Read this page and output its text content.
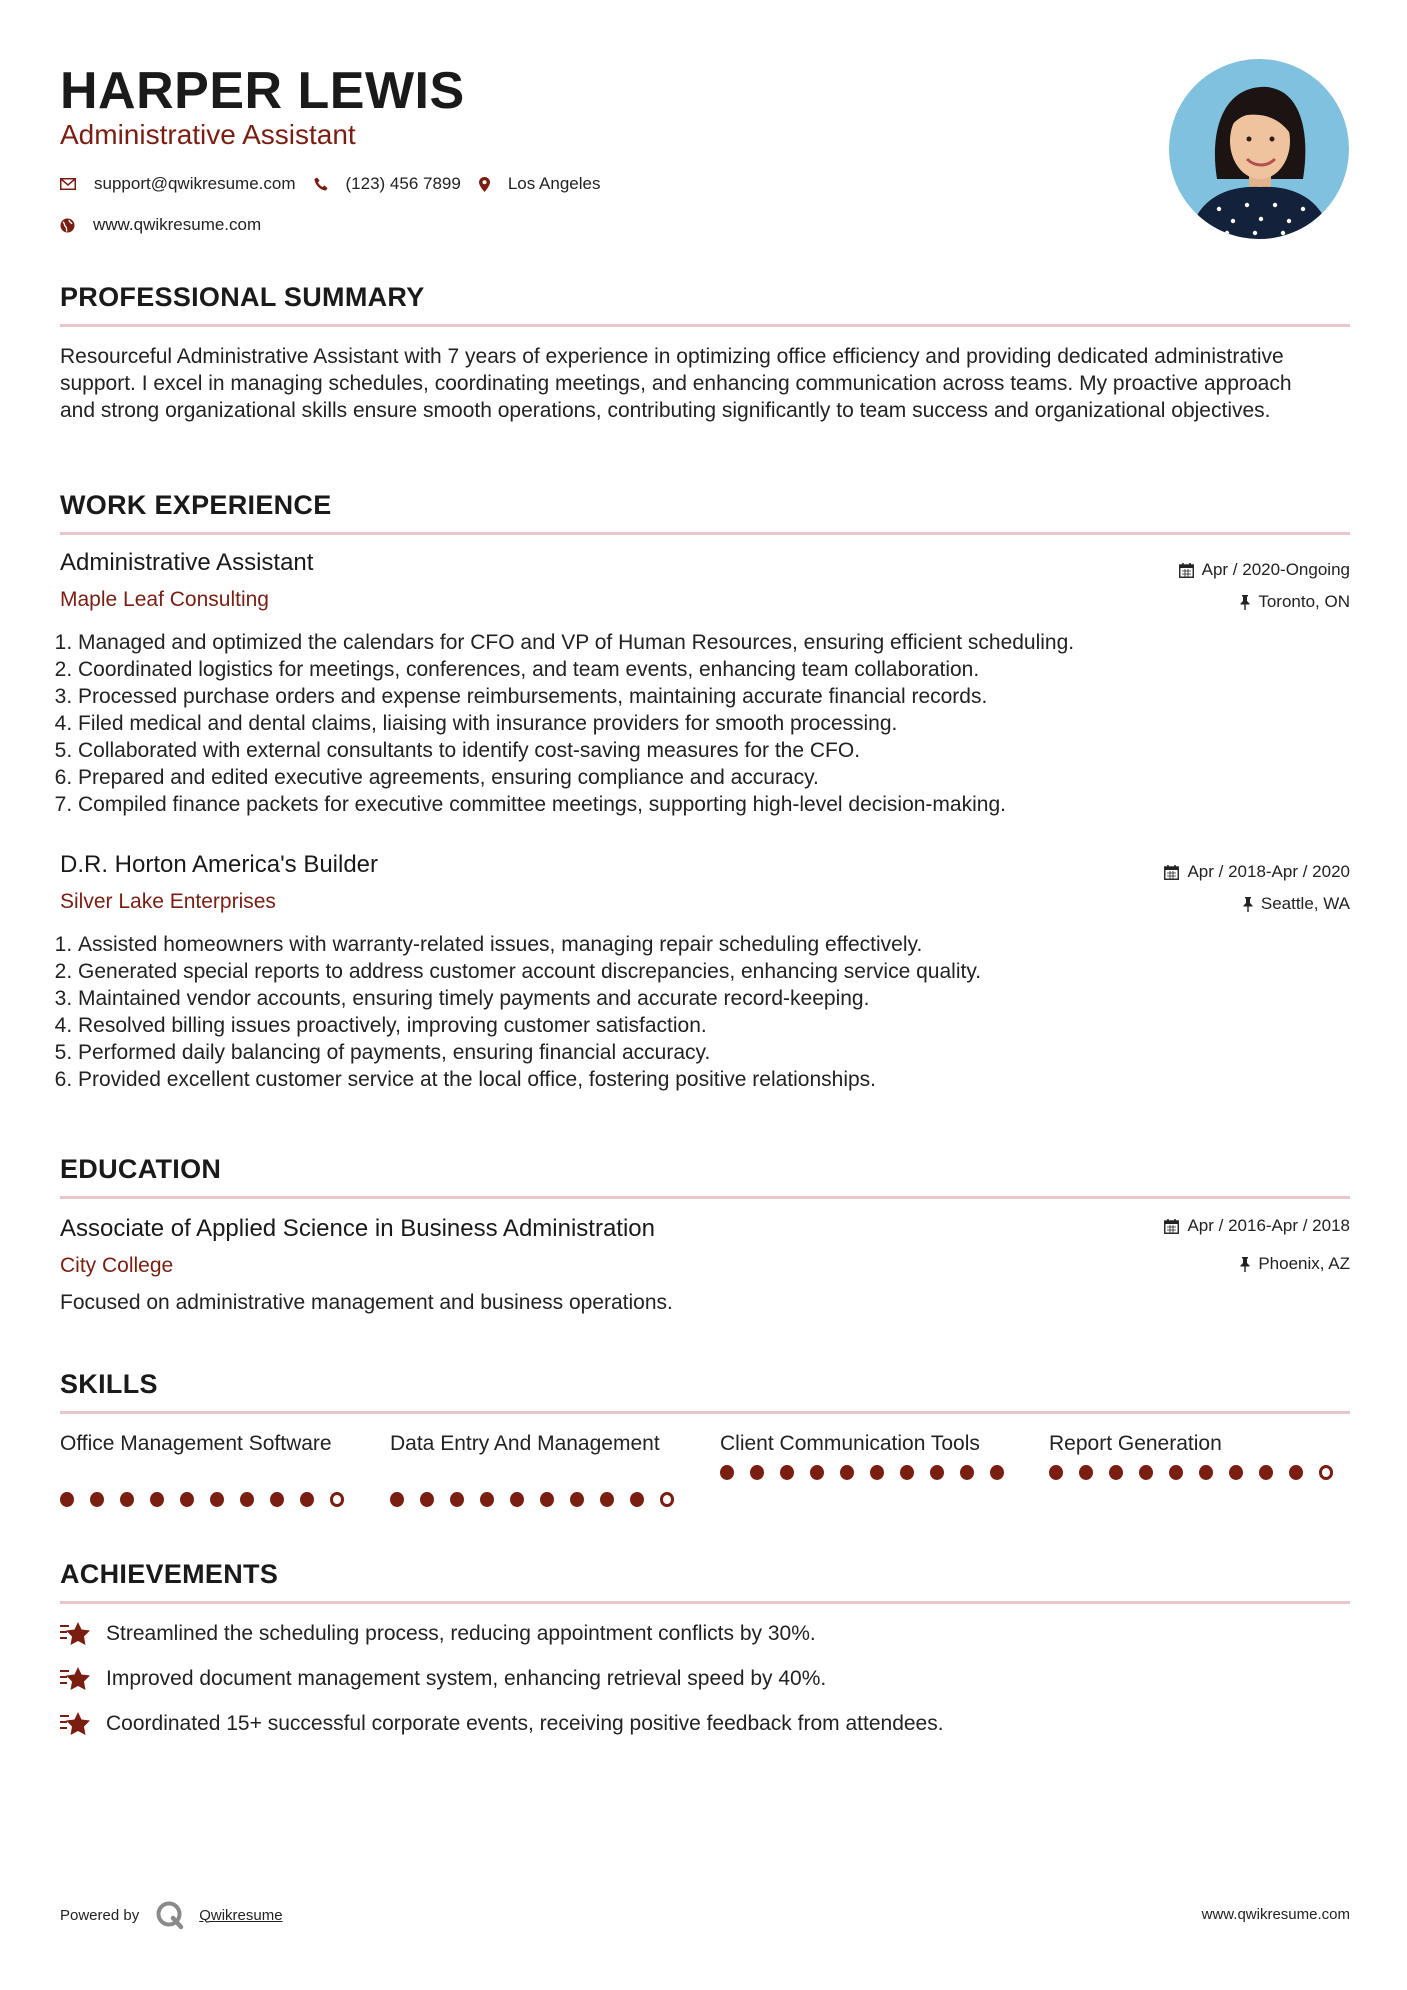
HARPER LEWIS
Administrative Assistant
support@qwikresume.com	(123) 456 7899	Los Angeles
www.qwikresume.com
PROFESSIONAL SUMMARY
Resourceful Administrative Assistant with 7 years of experience in optimizing office efficiency and providing dedicated administrative support. I excel in managing schedules, coordinating meetings, and enhancing communication across teams. My proactive approach and strong organizational skills ensure smooth operations, contributing significantly to team success and organizational objectives.
WORK EXPERIENCE
Administrative Assistant
Maple Leaf Consulting
Apr / 2020-Ongoing
Toronto, ON
1. Managed and optimized the calendars for CFO and VP of Human Resources, ensuring efficient scheduling.
2. Coordinated logistics for meetings, conferences, and team events, enhancing team collaboration.
3. Processed purchase orders and expense reimbursements, maintaining accurate financial records.
4. Filed medical and dental claims, liaising with insurance providers for smooth processing.
5. Collaborated with external consultants to identify cost-saving measures for the CFO.
6. Prepared and edited executive agreements, ensuring compliance and accuracy.
7. Compiled finance packets for executive committee meetings, supporting high-level decision-making.
D.R. Horton America's Builder
Silver Lake Enterprises
Apr / 2018-Apr / 2020
Seattle, WA
1. Assisted homeowners with warranty-related issues, managing repair scheduling effectively.
2. Generated special reports to address customer account discrepancies, enhancing service quality.
3. Maintained vendor accounts, ensuring timely payments and accurate record-keeping.
4. Resolved billing issues proactively, improving customer satisfaction.
5. Performed daily balancing of payments, ensuring financial accuracy.
6. Provided excellent customer service at the local office, fostering positive relationships.
EDUCATION
Associate of Applied Science in Business Administration
City College
Apr / 2016-Apr / 2018
Phoenix, AZ
Focused on administrative management and business operations.
SKILLS
Office Management Software	Data Entry And Management	Client Communication Tools	Report Generation
ACHIEVEMENTS
Streamlined the scheduling process, reducing appointment conflicts by 30%.
Improved document management system, enhancing retrieval speed by 40%.
Coordinated 15+ successful corporate events, receiving positive feedback from attendees.
Powered by	Qwikresume	www.qwikresume.com
